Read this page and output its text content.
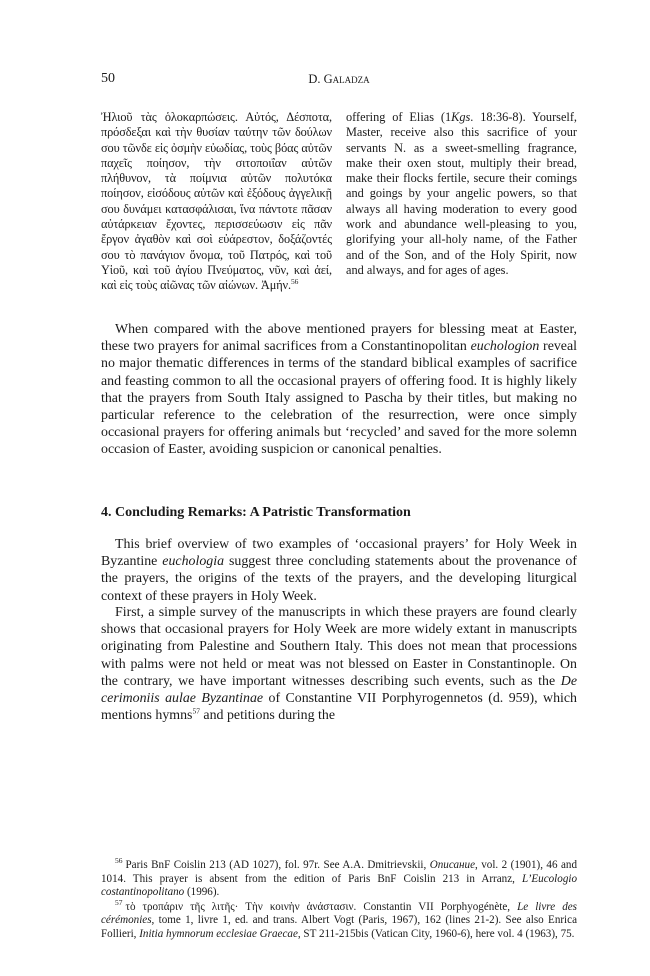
50	D. Galadza

Ἠλιοῦ τὰς ὁλοκαρπώσεις. Αὐτός, Δέσποτα, πρόσδεξαι καὶ τὴν θυσίαν ταύτην τῶν δούλων σου τῶνδε εἰς ὀσμὴν εὐωδίας, τοὺς βόας αὐτῶν παχεῖς ποίησον, τὴν σιτοποιΐαν αὐτῶν πλήθυνον, τὰ ποίμνια αὐτῶν πολυτόκα ποίησον, εἰσόδους αὐτῶν καὶ ἐξόδους ἀγγελικῇ σου δυνάμει κατασφάλισαι, ἵνα πάντοτε πᾶσαν αὐτάρκειαν ἔχοντες, περισσεύωσιν εἰς πᾶν ἔργον ἀγαθὸν καὶ σοὶ εὐάρεστον, δοξάζοντές σου τὸ πανάγιον ὄνομα, τοῦ Πατρός, καὶ τοῦ Υἱοῦ, καὶ τοῦ ἁγίου Πνεύματος, νῦν, καὶ ἀεί, καὶ εἰς τοὺς αἰῶνας τῶν αἰώνων. Ἀμήν.$^{56}$

offering of Elias (1Kgs. 18:36-8). Yourself, Master, receive also this sacrifice of your servants N. as a sweet-smelling fragrance, make their oxen stout, multiply their bread, make their flocks fertile, secure their comings and goings by your angelic powers, so that always all having moderation to every good work and abundance well-pleasing to you, glorifying your all-holy name, of the Father and of the Son, and of the Holy Spirit, now and always, and for ages of ages.

When compared with the above mentioned prayers for blessing meat at Easter, these two prayers for animal sacrifices from a Constantinopolitan euchologion reveal no major thematic differences in terms of the standard biblical examples of sacrifice and feasting common to all the occasional prayers of offering food. It is highly likely that the prayers from South Italy assigned to Pascha by their titles, but making no particular reference to the celebration of the resurrection, were once simply occasional prayers for offering animals but ‘recycled’ and saved for the more solemn occasion of Easter, avoiding suspicion or canonical penalties.

4. Concluding Remarks: A Patristic Transformation

This brief overview of two examples of ‘occasional prayers’ for Holy Week in Byzantine euchologia suggest three concluding statements about the provenance of the prayers, the origins of the texts of the prayers, and the developing liturgical context of these prayers in Holy Week.

First, a simple survey of the manuscripts in which these prayers are found clearly shows that occasional prayers for Holy Week are more widely extant in manuscripts originating from Palestine and Southern Italy. This does not mean that processions with palms were not held or meat was not blessed on Easter in Constantinople. On the contrary, we have important witnesses describing such events, such as the De cerimoniis aulae Byzantinae of Constantine VII Porphyrogennetos (d. 959), which mentions hymns$^{57}$ and petitions during the

$^{56}$ Paris BnF Coislin 213 (AD 1027), fol. 97r. See A.A. Dmitrievskii, Описание, vol. 2 (1901), 46 and 1014. This prayer is absent from the edition of Paris BnF Coislin 213 in Arranz, L’Eucologio costantinopolitano (1996).

$^{57}$ τὸ τροπάριν τῆς λιτῆς· Τὴν κοινὴν ἀνάστασιν. Constantin VII Porphyogénète, Le livre des cérémonies, tome 1, livre 1, ed. and trans. Albert Vogt (Paris, 1967), 162 (lines 21-2). See also Enrica Follieri, Initia hymnorum ecclesiae Graecae, ST 211-215bis (Vatican City, 1960-6), here vol. 4 (1963), 75.
